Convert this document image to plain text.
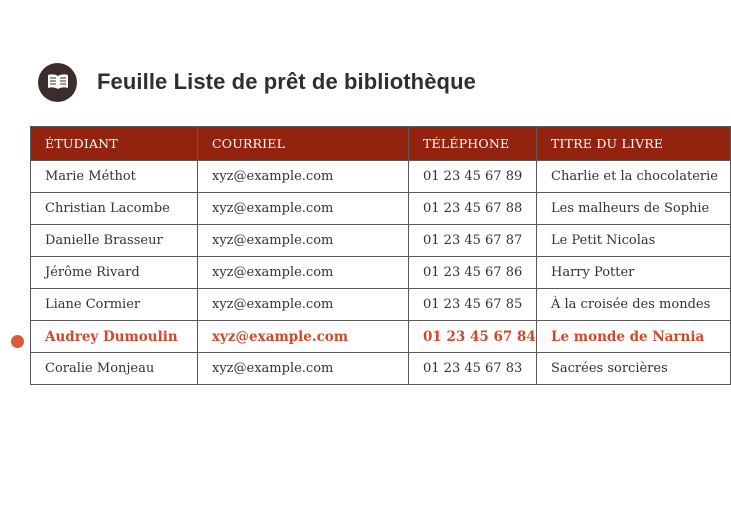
Feuille Liste de prêt de bibliothèque
ÉTUDIANT	COURRIEL	TÉLÉPHONE	TITRE DU LIVRE
Marie Méthot	xyz@example.com	01 23 45 67 89	Charlie et la chocolaterie
Christian Lacombe	xyz@example.com	01 23 45 67 88	Les malheurs de Sophie
Danielle Brasseur	xyz@example.com	01 23 45 67 87	Le Petit Nicolas
Jérôme Rivard	xyz@example.com	01 23 45 67 86	Harry Potter
Liane Cormier	xyz@example.com	01 23 45 67 85	À la croisée des mondes
Audrey Dumoulin	xyz@example.com	01 23 45 67 84	Le monde de Narnia
Coralie Monjeau	xyz@example.com	01 23 45 67 83	Sacrées sorcières
